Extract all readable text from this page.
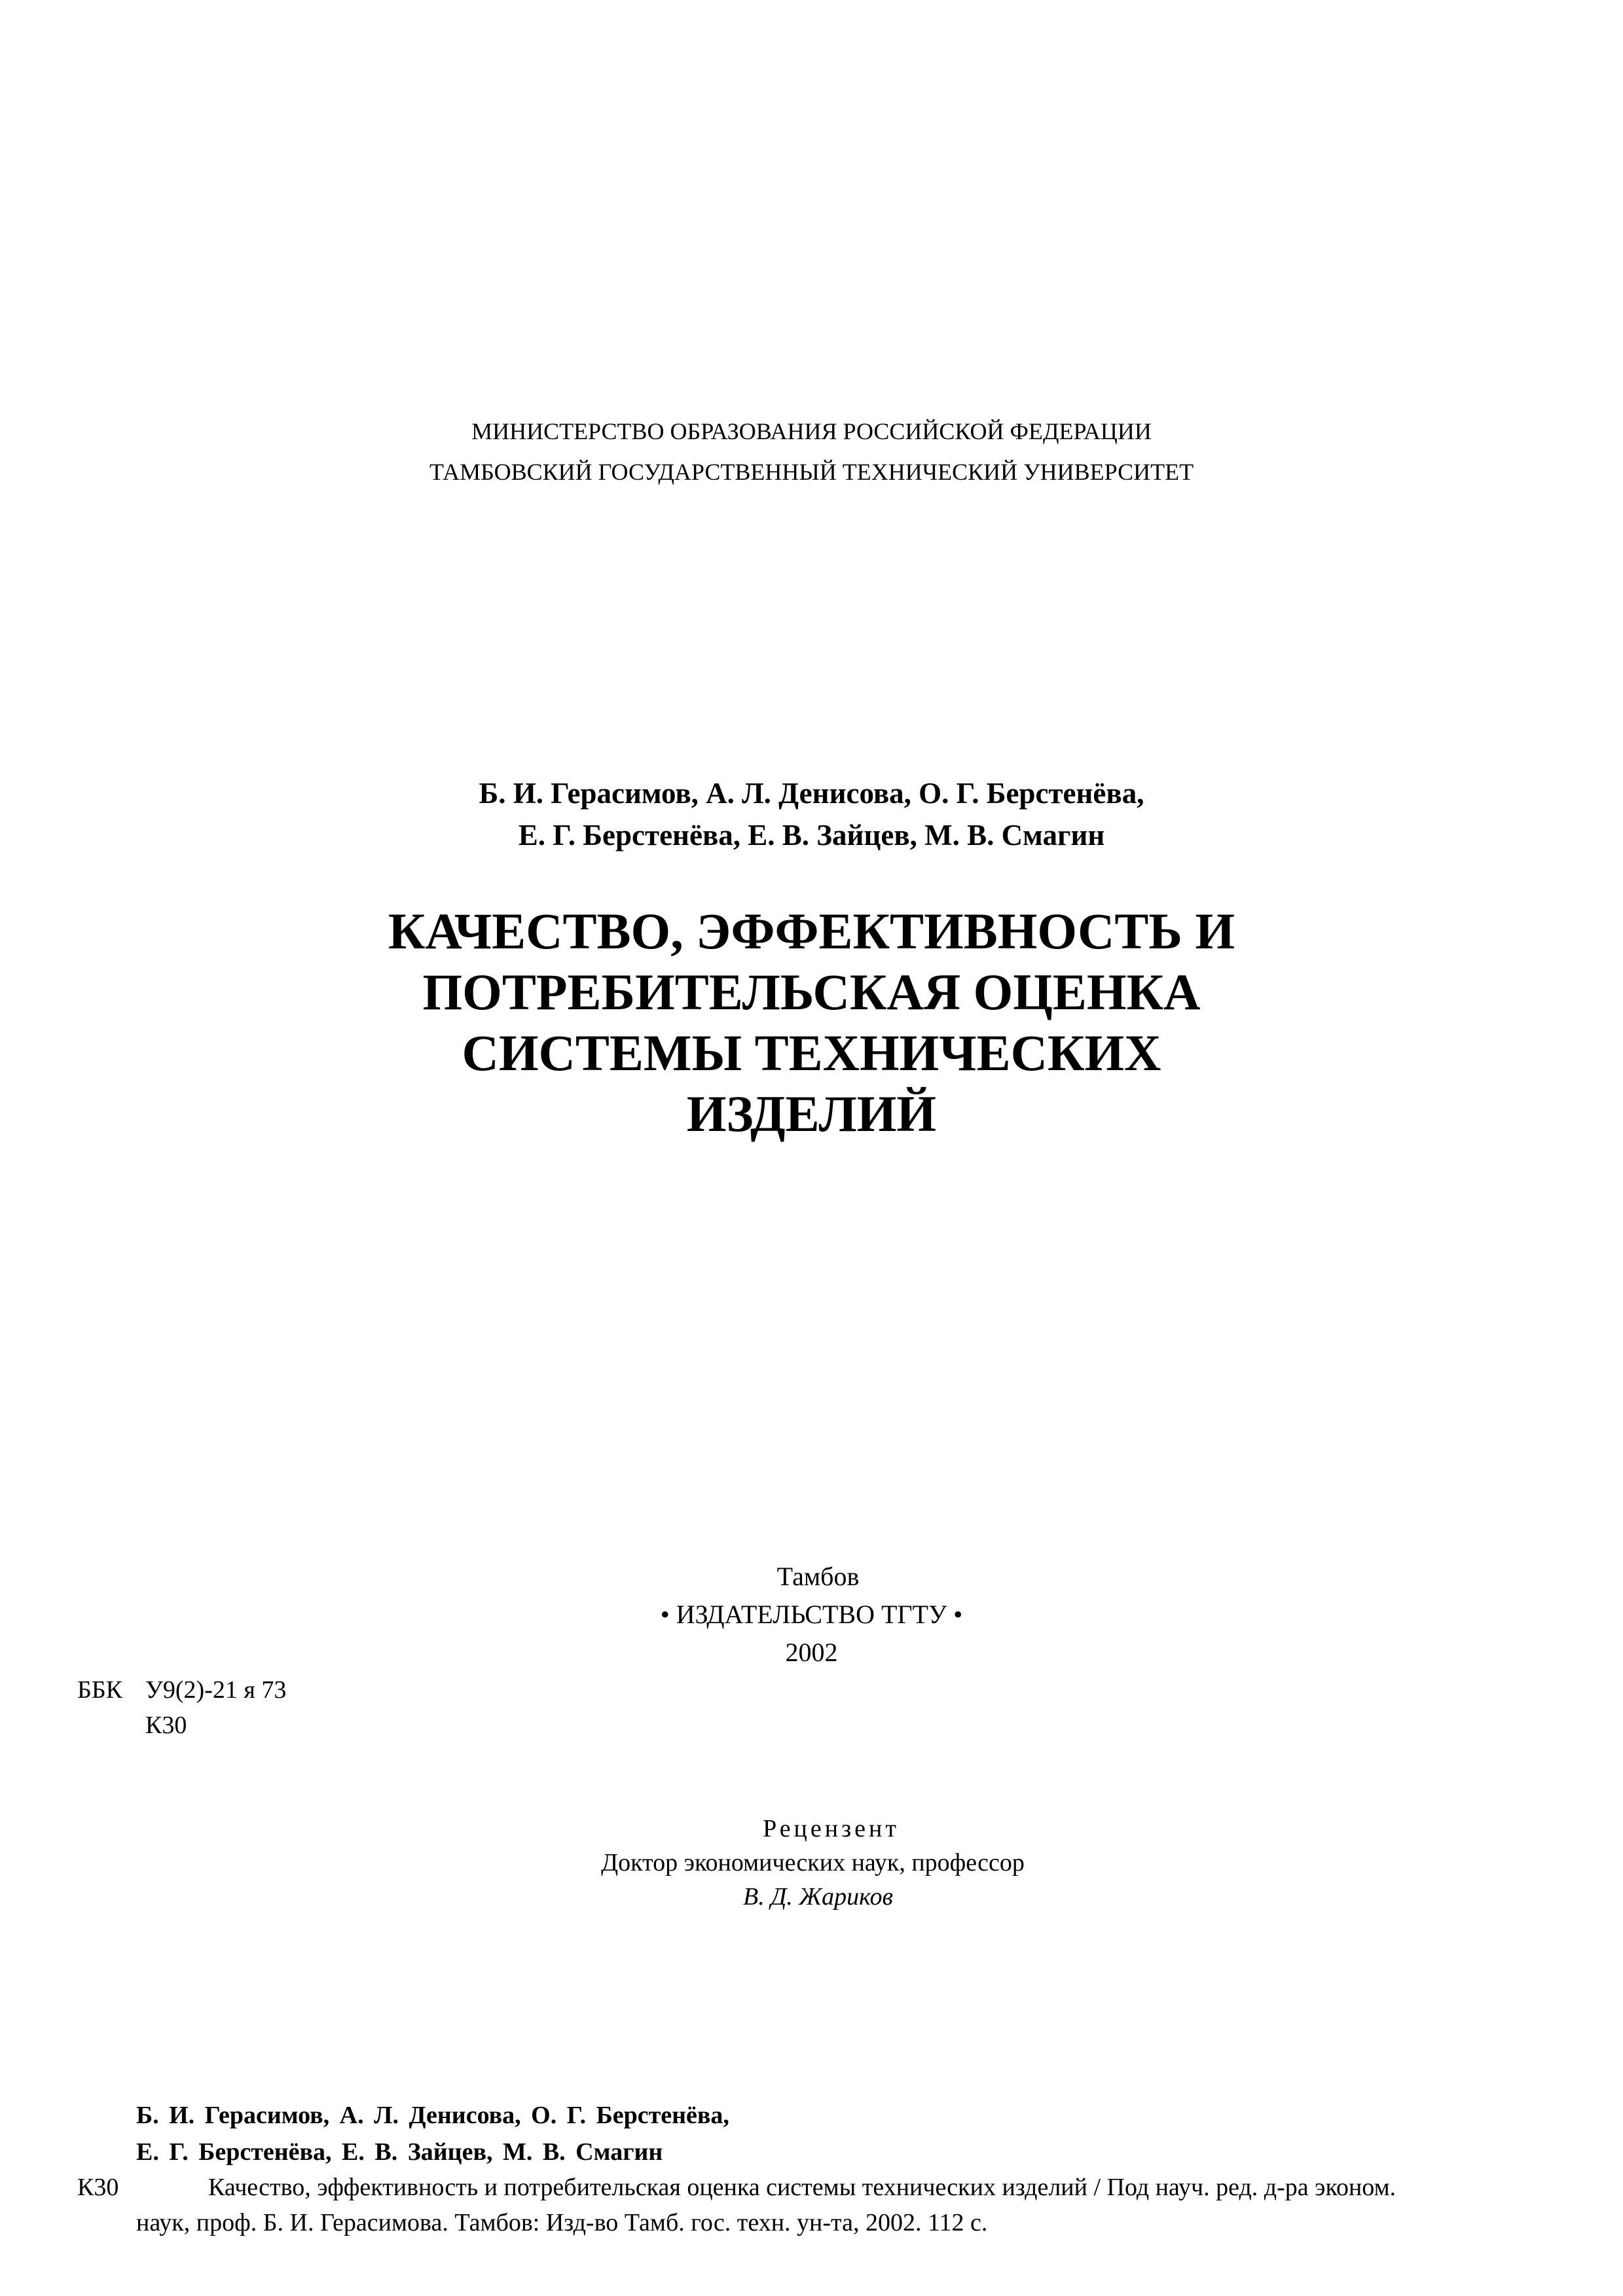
МИНИСТЕРСТВО ОБРАЗОВАНИЯ РОССИЙСКОЙ ФЕДЕРАЦИИ
ТАМБОВСКИЙ ГОСУДАРСТВЕННЫЙ ТЕХНИЧЕСКИЙ УНИВЕРСИТЕТ
Б. И. Герасимов, А. Л. Денисова, О. Г. Берстенёва,
Е. Г. Берстенёва, Е. В. Зайцев, М. В. Смагин
КАЧЕСТВО, ЭФФЕКТИВНОСТЬ И
ПОТРЕБИТЕЛЬСКАЯ ОЦЕНКА
СИСТЕМЫ ТЕХНИЧЕСКИХ
ИЗДЕЛИЙ
Тамбов
• ИЗДАТЕЛЬСТВО ТГТУ •
2002
ББК У9(2)-21 я 73
К30
Рецензент
Доктор экономических наук, профессор
В. Д. Жариков
Б. И. Герасимов, А. Л. Денисова, О. Г. Берстенёва,
Е. Г. Берстенёва, Е. В. Зайцев, М. В. Смагин
К30	Качество, эффективность и потребительская оценка системы технических изделий / Под науч. ред. д-ра эконом.
наук, проф. Б. И. Герасимова. Тамбов: Изд-во Тамб. гос. техн. ун-та, 2002. 112 с.
